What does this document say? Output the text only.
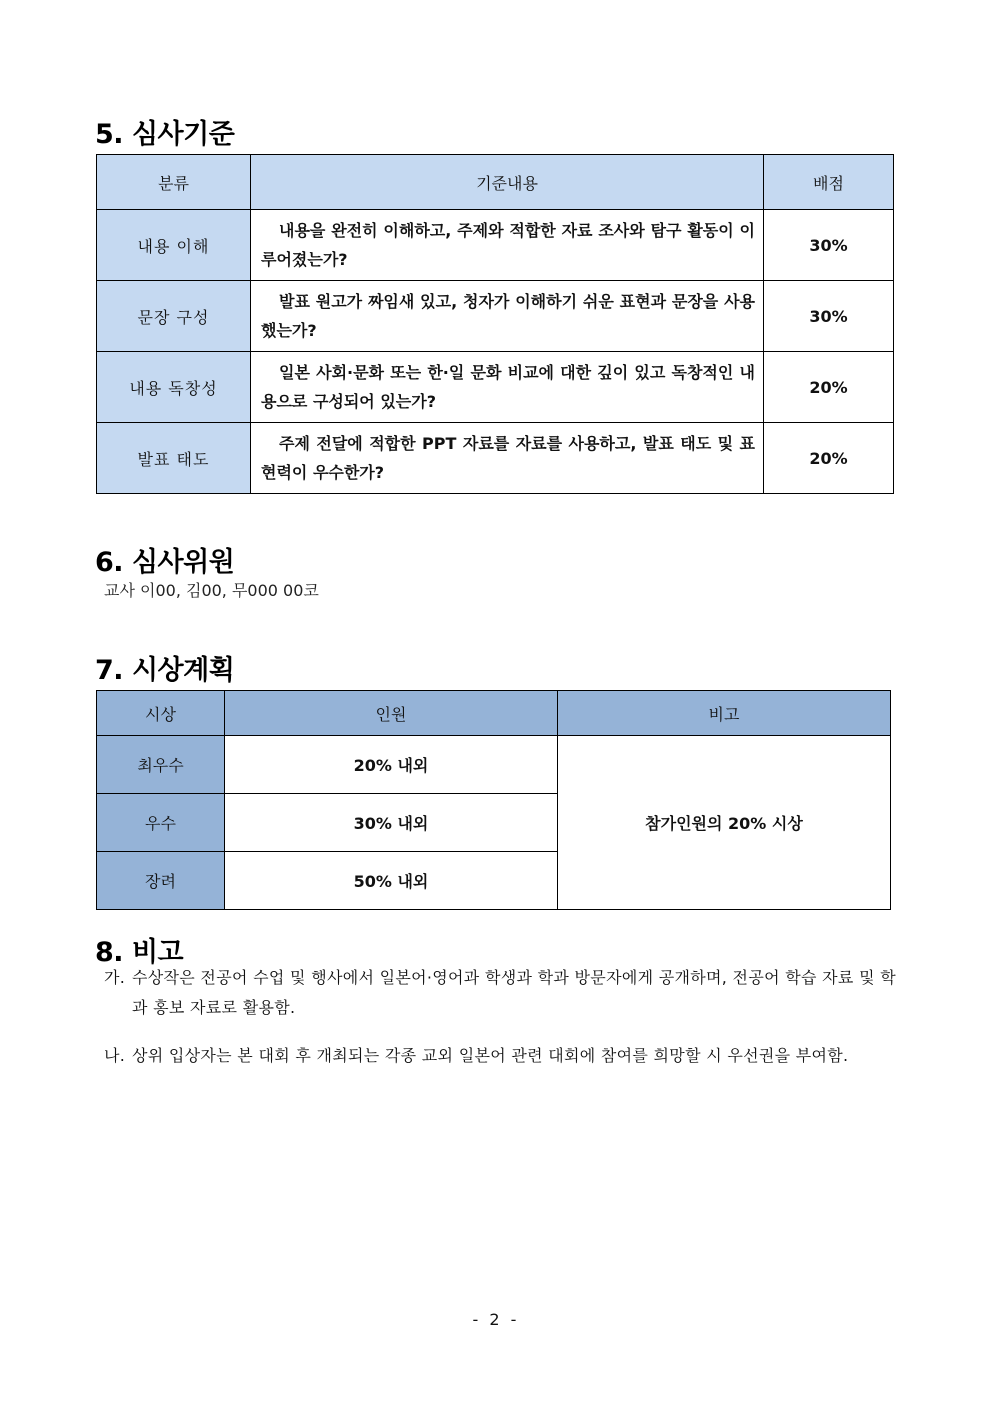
5. 심사기준
분류	기준내용	배점
내용 이해	내용을 완전히 이해하고, 주제와 적합한 자료 조사와 탐구 활동이 이루어졌는가?	30%
문장 구성	발표 원고가 짜임새 있고, 청자가 이해하기 쉬운 표현과 문장을 사용했는가?	30%
내용 독창성	일본 사회·문화 또는 한·일 문화 비교에 대한 깊이 있고 독창적인 내용으로 구성되어 있는가?	20%
발표 태도	주제 전달에 적합한 PPT 자료를 자료를 사용하고, 발표 태도 및 표현력이 우수한가?	20%
6. 심사위원

교사 이00, 김00, 무000 00코

7. 시상계획
시상	인원	비고
최우수	20% 내외	참가인원의 20% 시상
우수	30% 내외	
장려	50% 내외	
8. 비고
가. 수상작은 전공어 수업 및 행사에서 일본어·영어과 학생과 학과 방문자에게 공개하며, 전공어 학습 자료 및 학과 홍보 자료로 활용함.
나. 상위 입상자는 본 대회 후 개최되는 각종 교외 일본어 관련 대회에 참여를 희망할 시 우선권을 부여함.

- 2 -
